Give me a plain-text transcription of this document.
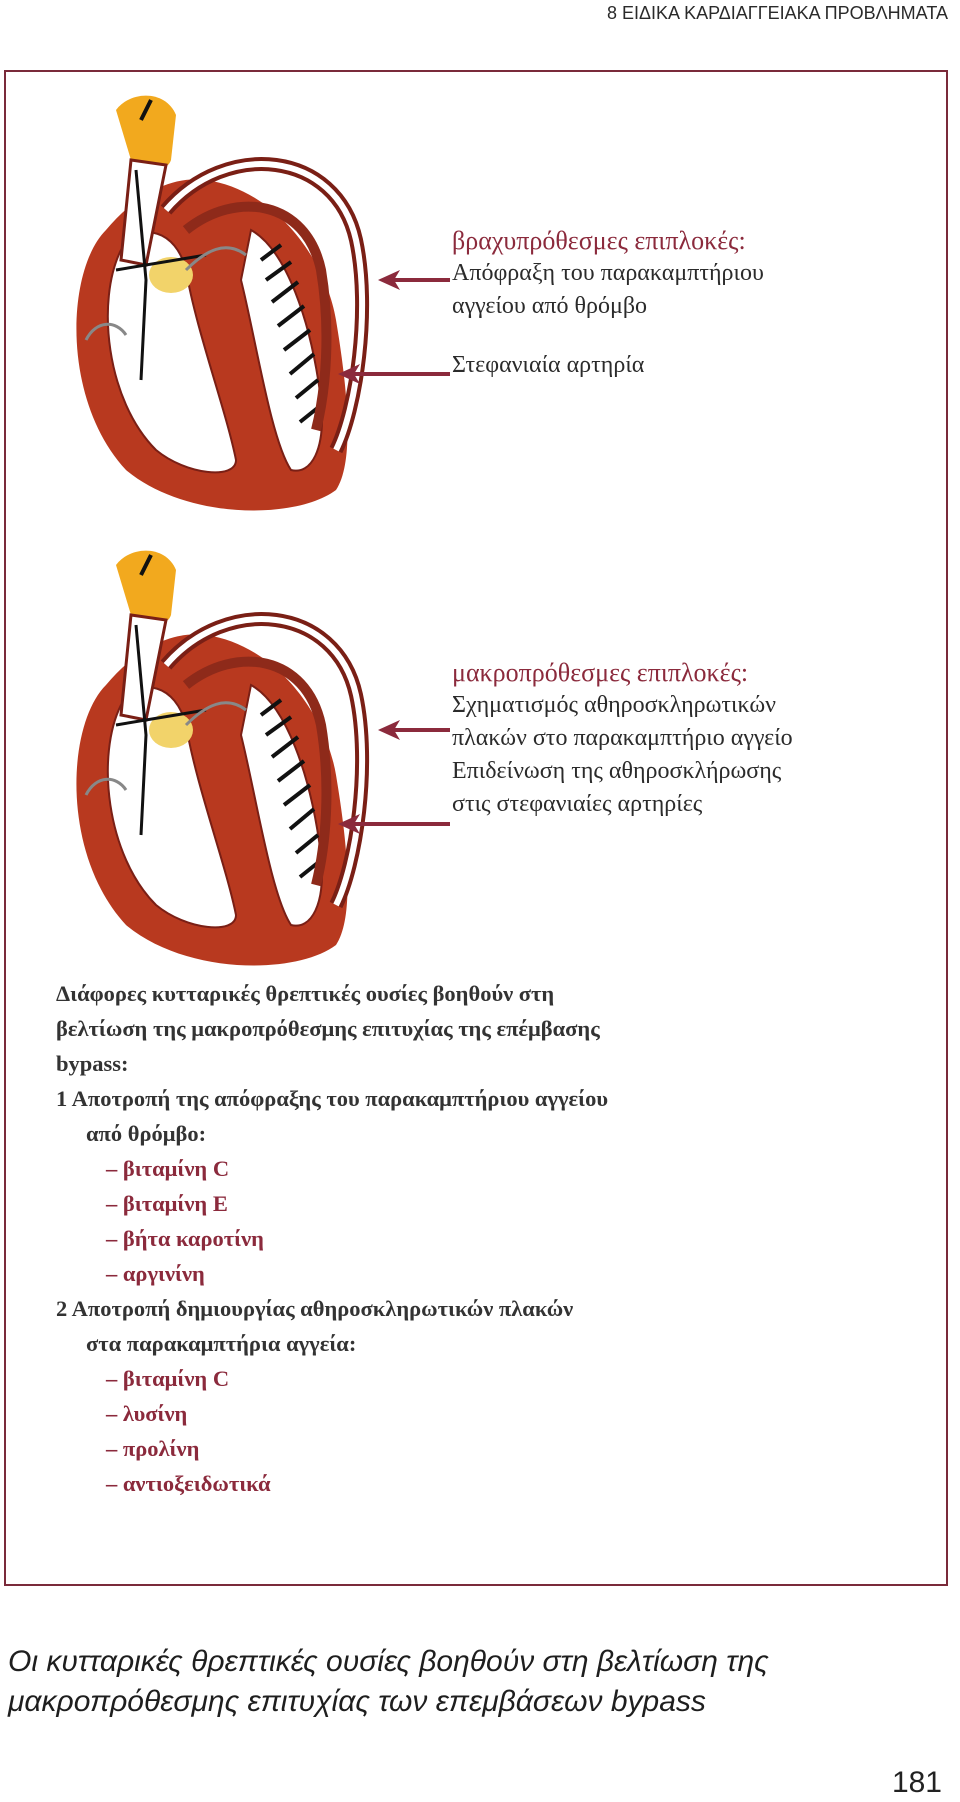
8 ΕΙΔΙΚΑ ΚΑΡΔΙΑΓΓΕΙΑΚΑ ΠΡΟΒΛΗΜΑΤΑ
βραχυπρόθεσμες επιπλοκές:
Απόφραξη του παρακαμπτήριου
αγγείου από θρόμβο
Στεφανιαία αρτηρία
μακροπρόθεσμες επιπλοκές:
Σχηματισμός αθηροσκληρωτικών
πλακών στο παρακαμπτήριο αγγείο
Επιδείνωση της αθηροσκλήρωσης
στις στεφανιαίες αρτηρίες
Διάφορες κυτταρικές θρεπτικές ουσίες βοηθούν στη
βελτίωση της μακροπρόθεσμης επιτυχίας της επέμβασης
bypass:
1 Αποτροπή της απόφραξης του παρακαμπτήριου αγγείου
από θρόμβο:
– βιταμίνη C
– βιταμίνη E
– βήτα καροτίνη
– αργινίνη
2 Αποτροπή δημιουργίας αθηροσκληρωτικών πλακών
στα παρακαμπτήρια αγγεία:
– βιταμίνη C
– λυσίνη
– προλίνη
– αντιοξειδωτικά
Οι κυτταρικές θρεπτικές ουσίες βοηθούν στη βελτίωση της
μακροπρόθεσμης επιτυχίας των επεμβάσεων bypass
181
